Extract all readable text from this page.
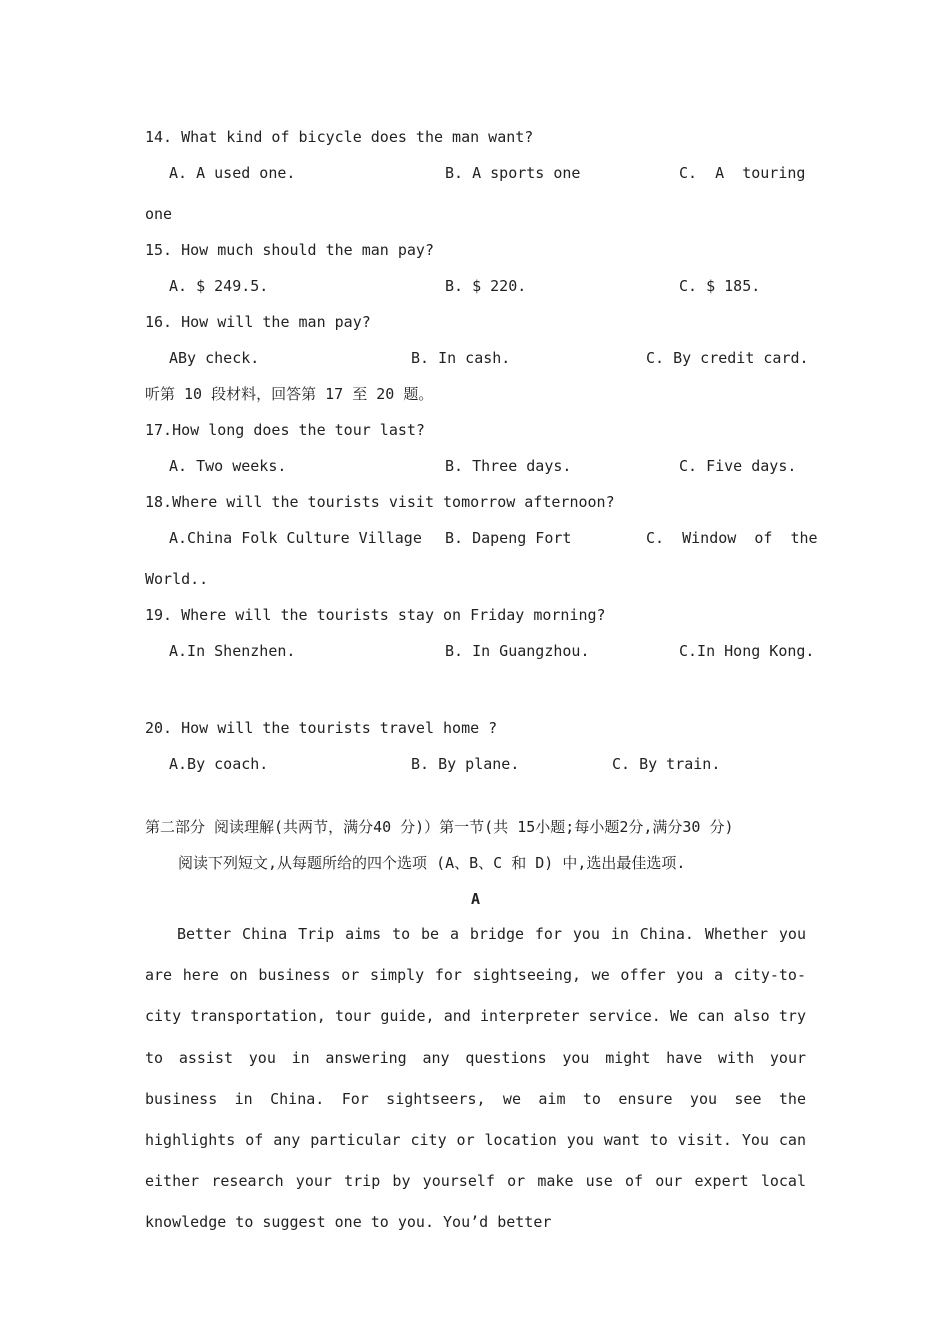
14. What kind of bicycle does the man want?
A. A used one.	B. A sports one	C.  A  touring
one
15. How much should the man pay?
A. $ 249.5.	B. $ 220.	C. $ 185.
16. How will the man pay?
ABy check.	B. In cash.	C. By credit card.
听第 10 段材料，回答第 17 至 20 题。
17.How long does the tour last?
A. Two weeks.	B. Three days.	C. Five days.
18.Where will the tourists visit tomorrow afternoon?
A.China Folk Culture Village B. Dapeng Fort	C.  Window  of  the
World..
19. Where will the tourists stay on Friday morning?
A.In Shenzhen.	B. In Guangzhou.	C.In Hong Kong.
20. How will the tourists travel home ?
A.By coach.	B. By plane.	C. By train.
第二部分 阅读理解(共两节，满分40 分)）第一节(共 15小题;每小题2分,满分30 分)
阅读下列短文,从每题所给的四个选项 (A、B、C 和 D) 中,选出最佳选项.
A
Better China Trip aims to be a bridge for you in China. Whether you are here on business or simply for sightseeing, we offer you a city-to-city transportation, tour guide, and interpreter service. We can also try to assist you in answering any questions you might have with your business in China. For sightseers, we aim to ensure you see the highlights of any particular city or location you want to visit. You can either research your trip by yourself or make use of our expert local knowledge to suggest one to you. You’d better
